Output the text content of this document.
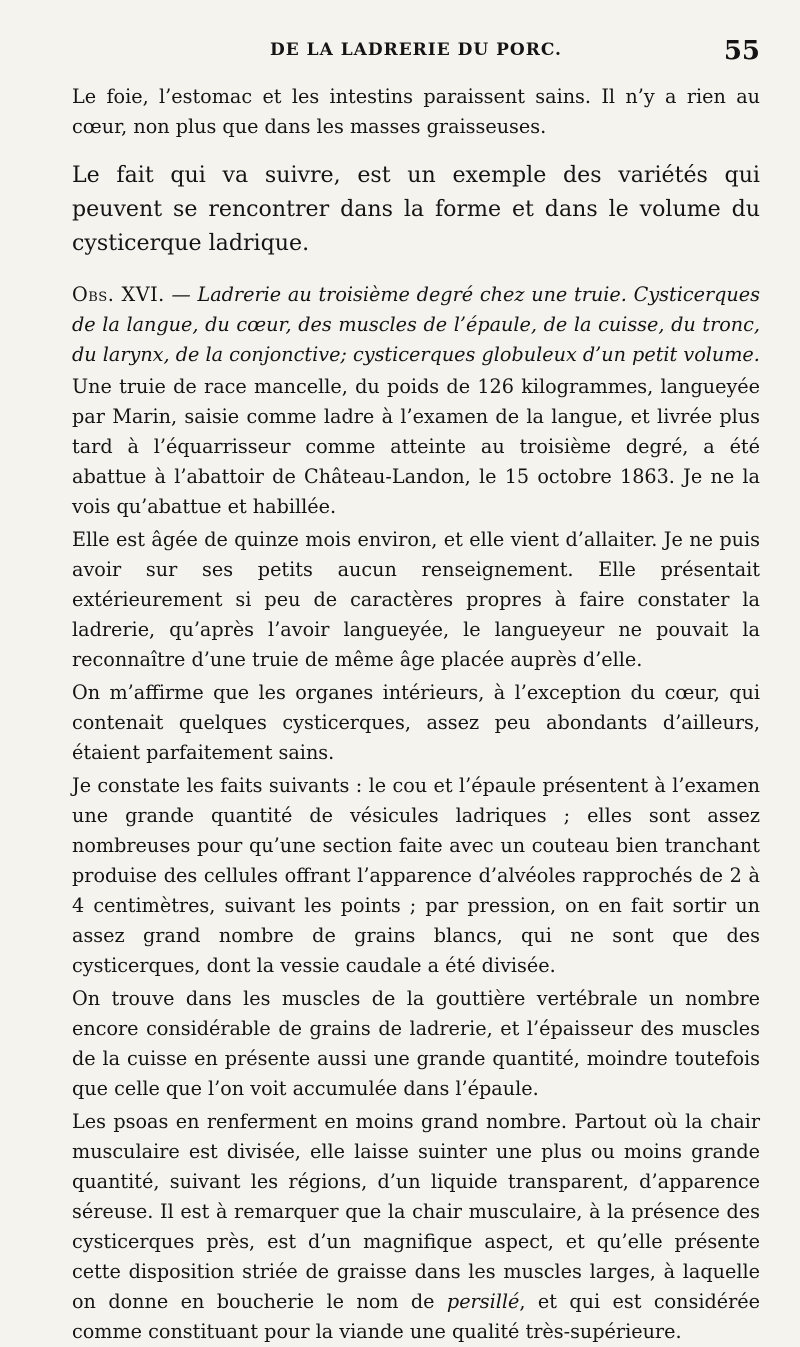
DE LA LADRERIE DU PORC.	55

Le foie, l’estomac et les intestins paraissent sains. Il n’y a rien au cœur, non plus que dans les masses graisseuses.

Le fait qui va suivre, est un exemple des variétés qui peuvent se rencontrer dans la forme et dans le volume du cysticerque ladrique.

Obs. XVI. — Ladrerie au troisième degré chez une truie. Cysticerques de la langue, du cœur, des muscles de l’épaule, de la cuisse, du tronc, du larynx, de la conjonctive; cysticerques globuleux d’un petit volume.

Une truie de race mancelle, du poids de 126 kilogrammes, langueyée par Marin, saisie comme ladre à l’examen de la langue, et livrée plus tard à l’équarrisseur comme atteinte au troisième degré, a été abattue à l’abattoir de Château-Landon, le 15 octobre 1863. Je ne la vois qu’abattue et habillée.

Elle est âgée de quinze mois environ, et elle vient d’allaiter. Je ne puis avoir sur ses petits aucun renseignement. Elle présentait extérieurement si peu de caractères propres à faire constater la ladrerie, qu’après l’avoir langueyée, le langueyeur ne pouvait la reconnaître d’une truie de même âge placée auprès d’elle.

On m’affirme que les organes intérieurs, à l’exception du cœur, qui contenait quelques cysticerques, assez peu abondants d’ailleurs, étaient parfaitement sains.

Je constate les faits suivants : le cou et l’épaule présentent à l’examen une grande quantité de vésicules ladriques ; elles sont assez nombreuses pour qu’une section faite avec un couteau bien tranchant produise des cellules offrant l’apparence d’alvéoles rapprochés de 2 à 4 centimètres, suivant les points ; par pression, on en fait sortir un assez grand nombre de grains blancs, qui ne sont que des cysticerques, dont la vessie caudale a été divisée.

On trouve dans les muscles de la gouttière vertébrale un nombre encore considérable de grains de ladrerie, et l’épaisseur des muscles de la cuisse en présente aussi une grande quantité, moindre toutefois que celle que l’on voit accumulée dans l’épaule.

Les psoas en renferment en moins grand nombre. Partout où la chair musculaire est divisée, elle laisse suinter une plus ou moins grande quantité, suivant les régions, d’un liquide transparent, d’apparence séreuse. Il est à remarquer que la chair musculaire, à la présence des cysticerques près, est d’un magnifique aspect, et qu’elle présente cette disposition striée de graisse dans les muscles larges, à laquelle on donne en boucherie le nom de persillé, et qui est considérée comme constituant pour la viande une qualité très-supérieure.
